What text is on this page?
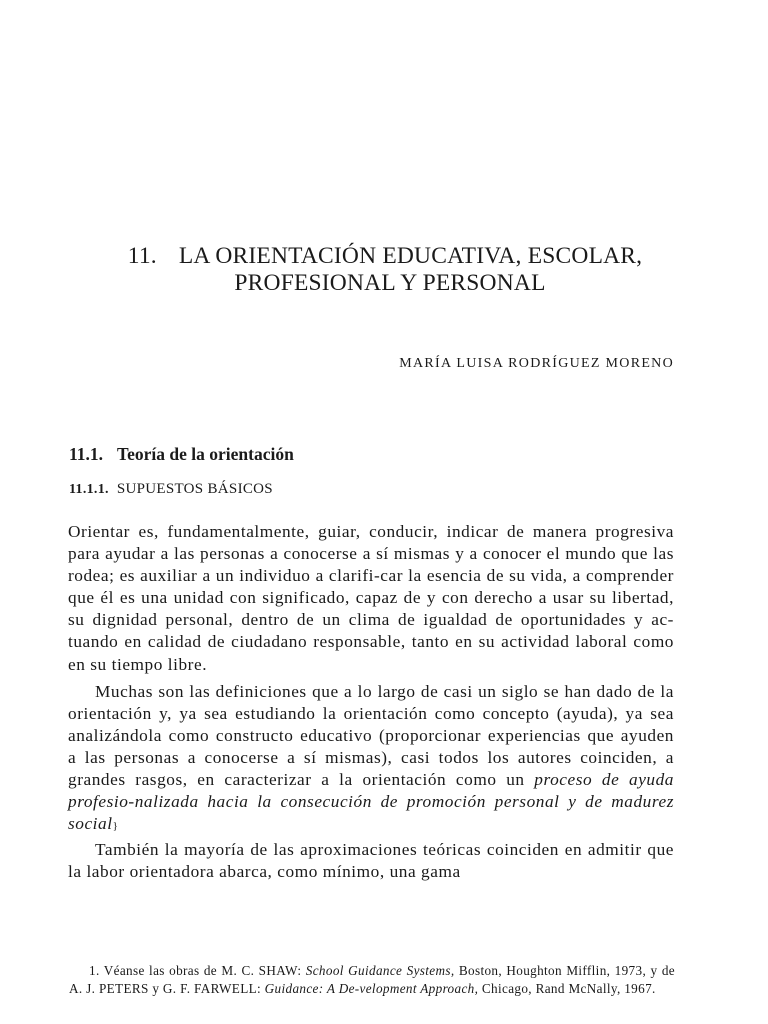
11. LA ORIENTACIÓN EDUCATIVA, ESCOLAR,
PROFESIONAL Y PERSONAL
MARÍA LUISA RODRÍGUEZ MORENO
11.1. Teoría de la orientación
11.1.1. SUPUESTOS BÁSICOS

Orientar es, fundamentalmente, guiar, conducir, indicar de manera progresiva para ayudar a las personas a conocerse a sí mismas y a conocer el mundo que las rodea; es auxiliar a un individuo a clarifi-car la esencia de su vida, a comprender que él es una unidad con significado, capaz de y con derecho a usar su libertad, su dignidad personal, dentro de un clima de igualdad de oportunidades y ac-tuando en calidad de ciudadano responsable, tanto en su actividad laboral como en su tiempo libre.

Muchas son las definiciones que a lo largo de casi un siglo se han dado de la orientación y, ya sea estudiando la orientación como concepto (ayuda), ya sea analizándola como constructo educativo (proporcionar experiencias que ayuden a las personas a conocerse a sí mismas), casi todos los autores coinciden, a grandes rasgos, en caracterizar a la orientación como un proceso de ayuda profesio-nalizada hacia la consecución de promoción personal y de madurez social}

También la mayoría de las aproximaciones teóricas coinciden en admitir que la labor orientadora abarca, como mínimo, una gama

1. Véanse las obras de M. C. SHAW: School Guidance Systems, Boston, Houghton Mifflin, 1973, y de A. J. PETERS y G. F. FARWELL: Guidance: A De-velopment Approach, Chicago, Rand McNally, 1967.
